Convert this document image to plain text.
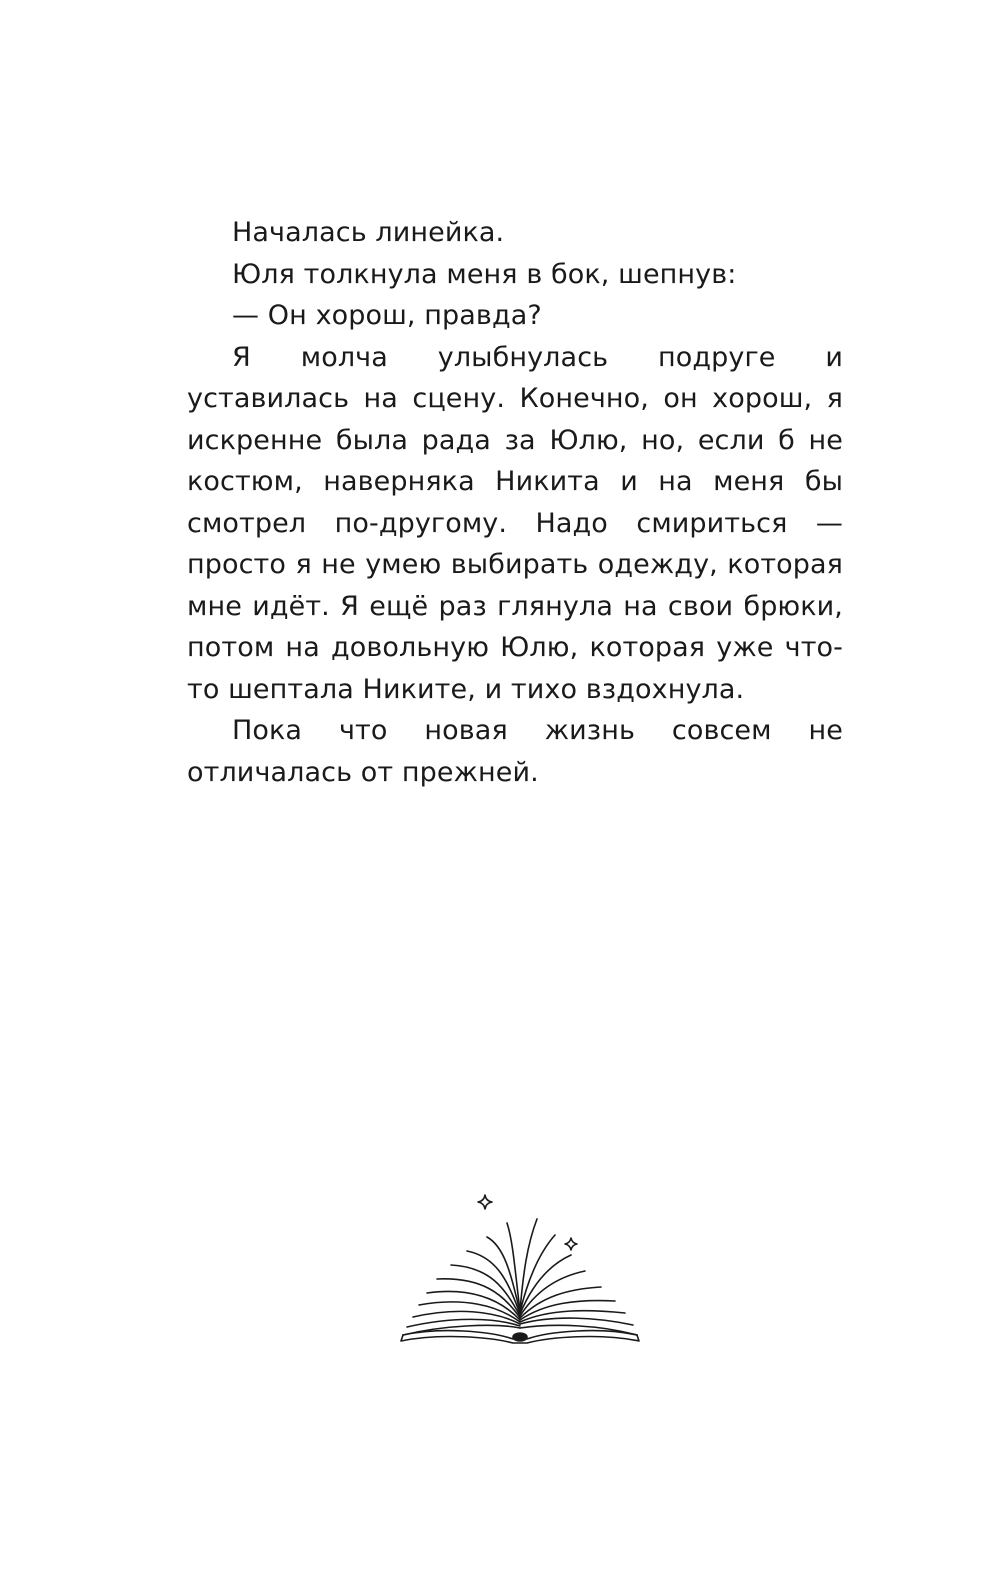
Началась линейка.

Юля толкнула меня в бок, шепнув:

— Он хорош, правда?

Я молча улыбнулась подруге и уставилась на сцену. Конечно, он хорош, я искренне была рада за Юлю, но, если б не костюм, наверняка Никита и на меня бы смотрел по-другому. Надо смириться — просто я не умею выбирать одежду, которая мне идёт. Я ещё раз глянула на свои брюки, потом на довольную Юлю, которая уже что-то шептала Никите, и тихо вздохнула.

Пока что новая жизнь совсем не отличалась от прежней.
